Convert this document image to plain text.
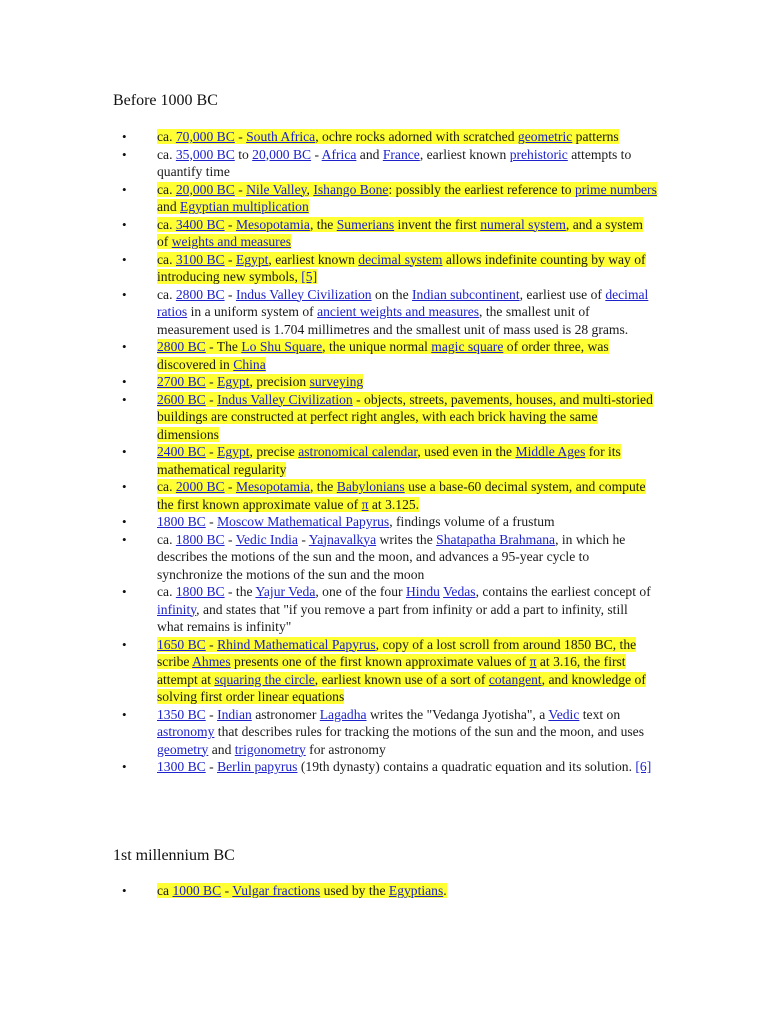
Before 1000 BC
• ca. 70,000 BC - South Africa, ochre rocks adorned with scratched geometric patterns
• ca. 35,000 BC to 20,000 BC - Africa and France, earliest known prehistoric attempts to quantify time
• ca. 20,000 BC - Nile Valley, Ishango Bone: possibly the earliest reference to prime numbers and Egyptian multiplication
• ca. 3400 BC - Mesopotamia, the Sumerians invent the first numeral system, and a system of weights and measures
• ca. 3100 BC - Egypt, earliest known decimal system allows indefinite counting by way of introducing new symbols, [5]
• ca. 2800 BC - Indus Valley Civilization on the Indian subcontinent, earliest use of decimal ratios in a uniform system of ancient weights and measures, the smallest unit of measurement used is 1.704 millimetres and the smallest unit of mass used is 28 grams.
• 2800 BC - The Lo Shu Square, the unique normal magic square of order three, was discovered in China
• 2700 BC - Egypt, precision surveying
• 2600 BC - Indus Valley Civilization - objects, streets, pavements, houses, and multi-storied buildings are constructed at perfect right angles, with each brick having the same dimensions
• 2400 BC - Egypt, precise astronomical calendar, used even in the Middle Ages for its mathematical regularity
• ca. 2000 BC - Mesopotamia, the Babylonians use a base-60 decimal system, and compute the first known approximate value of π at 3.125.
• 1800 BC - Moscow Mathematical Papyrus, findings volume of a frustum
• ca. 1800 BC - Vedic India - Yajnavalkya writes the Shatapatha Brahmana, in which he describes the motions of the sun and the moon, and advances a 95-year cycle to synchronize the motions of the sun and the moon
• ca. 1800 BC - the Yajur Veda, one of the four Hindu Vedas, contains the earliest concept of infinity, and states that "if you remove a part from infinity or add a part to infinity, still what remains is infinity"
• 1650 BC - Rhind Mathematical Papyrus, copy of a lost scroll from around 1850 BC, the scribe Ahmes presents one of the first known approximate values of π at 3.16, the first attempt at squaring the circle, earliest known use of a sort of cotangent, and knowledge of solving first order linear equations
• 1350 BC - Indian astronomer Lagadha writes the "Vedanga Jyotisha", a Vedic text on astronomy that describes rules for tracking the motions of the sun and the moon, and uses geometry and trigonometry for astronomy
• 1300 BC - Berlin papyrus (19th dynasty) contains a quadratic equation and its solution. [6]
1st millennium BC
• ca 1000 BC - Vulgar fractions used by the Egyptians.
